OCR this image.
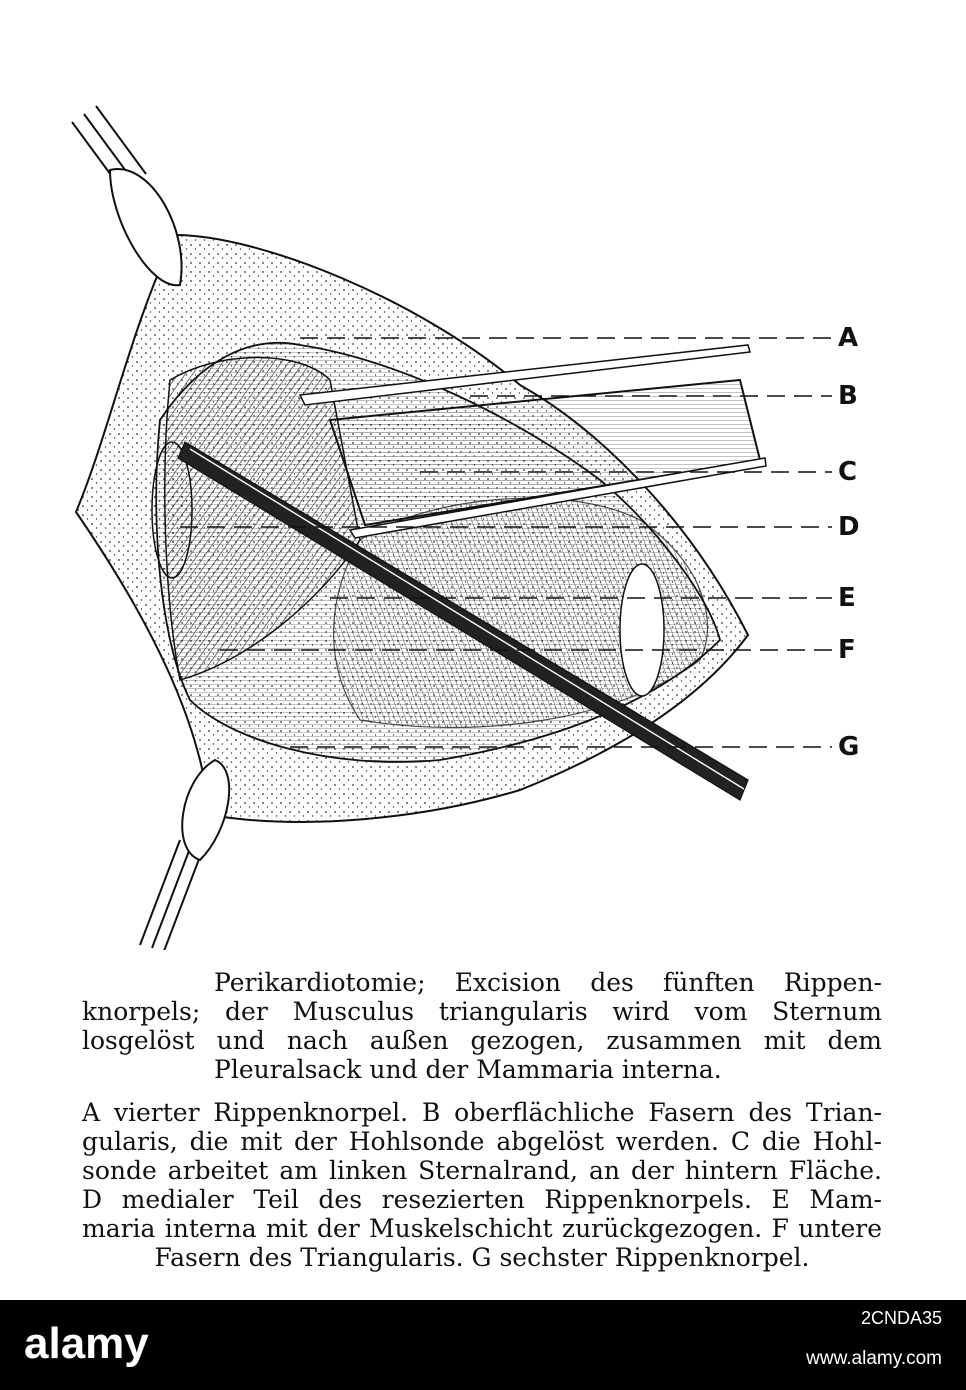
A
B
C
D
E
F
G
Perikardiotomie; Excision des fünften Rippen-
knorpels; der Musculus triangularis wird vom Sternum
losgelöst und nach außen gezogen, zusammen mit dem
Pleuralsack und der Mammaria interna.
A vierter Rippenknorpel. B oberflächliche Fasern des Trian-
gularis, die mit der Hohlsonde abgelöst werden. C die Hohl-
sonde arbeitet am linken Sternalrand, an der hintern Fläche.
D medialer Teil des resezierten Rippenknorpels. E Mam-
maria interna mit der Muskelschicht zurückgezogen. F untere
Fasern des Triangularis. G sechster Rippenknorpel.
alamy
2CNDA35
www.alamy.com
